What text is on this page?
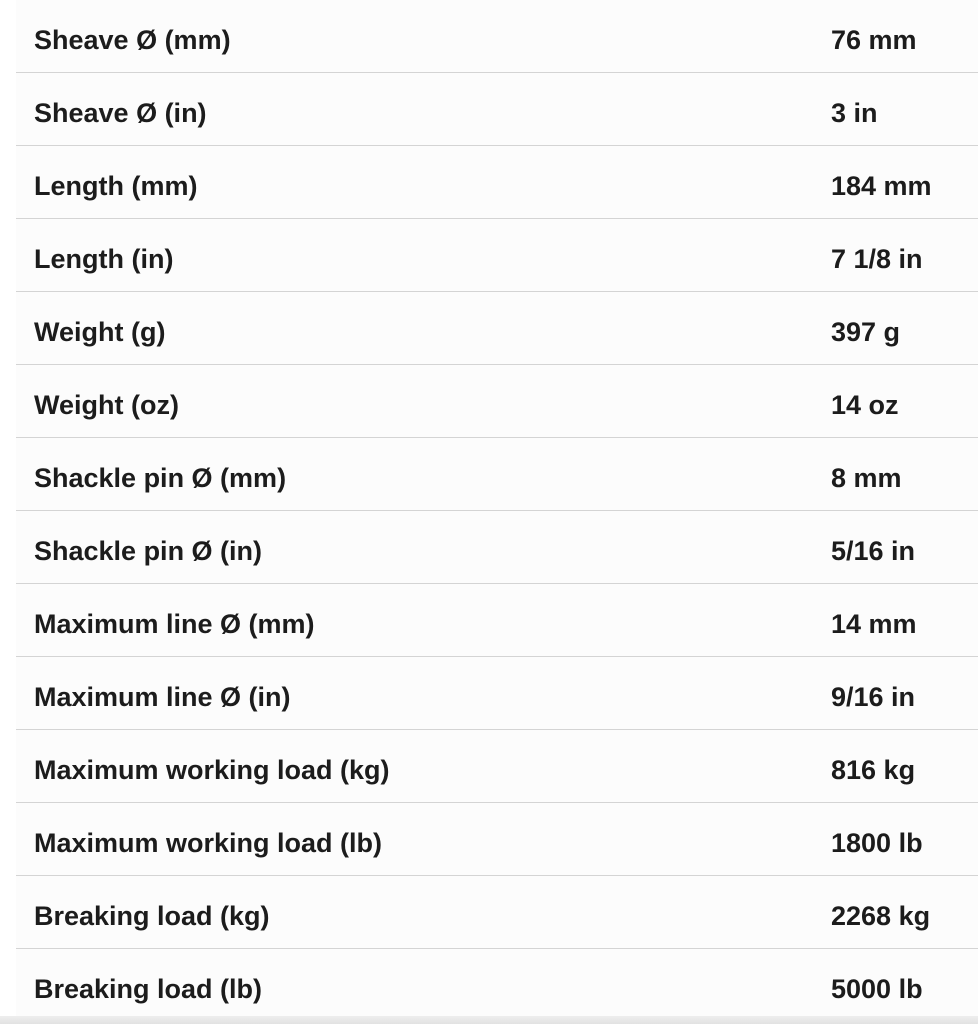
Sheave Ø (mm)	76 mm
Sheave Ø (in)	3 in
Length (mm)	184 mm
Length (in)	7 1/8 in
Weight (g)	397 g
Weight (oz)	14 oz
Shackle pin Ø (mm)	8 mm
Shackle pin Ø (in)	5/16 in
Maximum line Ø (mm)	14 mm
Maximum line Ø (in)	9/16 in
Maximum working load (kg)	816 kg
Maximum working load (lb)	1800 lb
Breaking load (kg)	2268 kg
Breaking load (lb)	5000 lb
